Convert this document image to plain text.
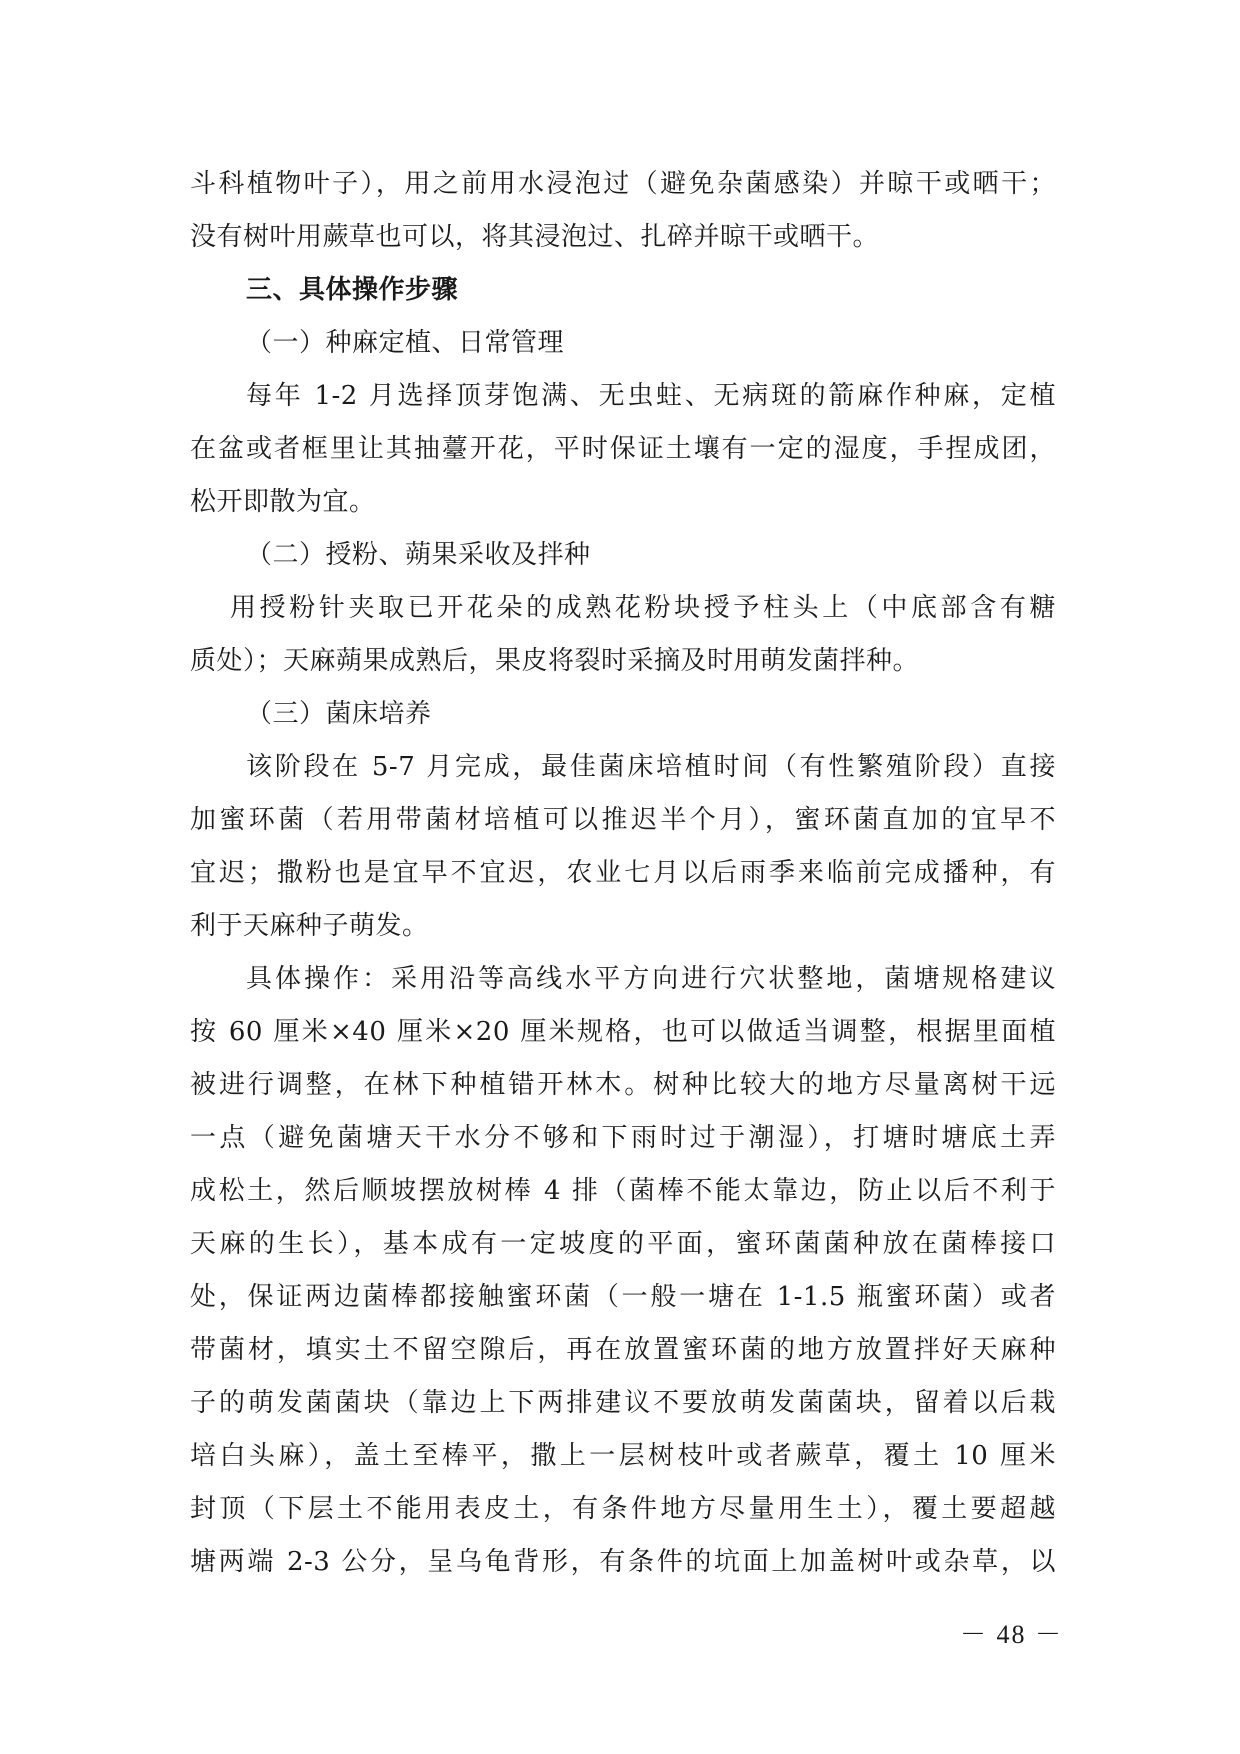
斗科植物叶子），用之前用水浸泡过（避免杂菌感染）并晾干或晒干；
没有树叶用蕨草也可以，将其浸泡过、扎碎并晾干或晒干。
三、具体操作步骤
（一）种麻定植、日常管理
每年 1-2 月选择顶芽饱满、无虫蛀、无病斑的箭麻作种麻，定植
在盆或者框里让其抽薹开花，平时保证土壤有一定的湿度，手捏成团，
松开即散为宜。
（二）授粉、蒴果采收及拌种
用授粉针夹取已开花朵的成熟花粉块授予柱头上（中底部含有糖
质处）；天麻蒴果成熟后，果皮将裂时采摘及时用萌发菌拌种。
（三）菌床培养
该阶段在 5-7 月完成，最佳菌床培植时间（有性繁殖阶段）直接
加蜜环菌（若用带菌材培植可以推迟半个月），蜜环菌直加的宜早不
宜迟；撒粉也是宜早不宜迟，农业七月以后雨季来临前完成播种，有
利于天麻种子萌发。
具体操作：采用沿等高线水平方向进行穴状整地，菌塘规格建议
按 60 厘米×40 厘米×20 厘米规格，也可以做适当调整，根据里面植
被进行调整，在林下种植错开林木。树种比较大的地方尽量离树干远
一点（避免菌塘天干水分不够和下雨时过于潮湿），打塘时塘底土弄
成松土，然后顺坡摆放树棒 4 排（菌棒不能太靠边，防止以后不利于
天麻的生长），基本成有一定坡度的平面，蜜环菌菌种放在菌棒接口
处，保证两边菌棒都接触蜜环菌（一般一塘在 1-1.5 瓶蜜环菌）或者
带菌材，填实土不留空隙后，再在放置蜜环菌的地方放置拌好天麻种
子的萌发菌菌块（靠边上下两排建议不要放萌发菌菌块，留着以后栽
培白头麻），盖土至棒平，撒上一层树枝叶或者蕨草，覆土 10 厘米
封顶（下层土不能用表皮土，有条件地方尽量用生土），覆土要超越
塘两端 2-3 公分，呈乌龟背形，有条件的坑面上加盖树叶或杂草，以
－ 48 －
